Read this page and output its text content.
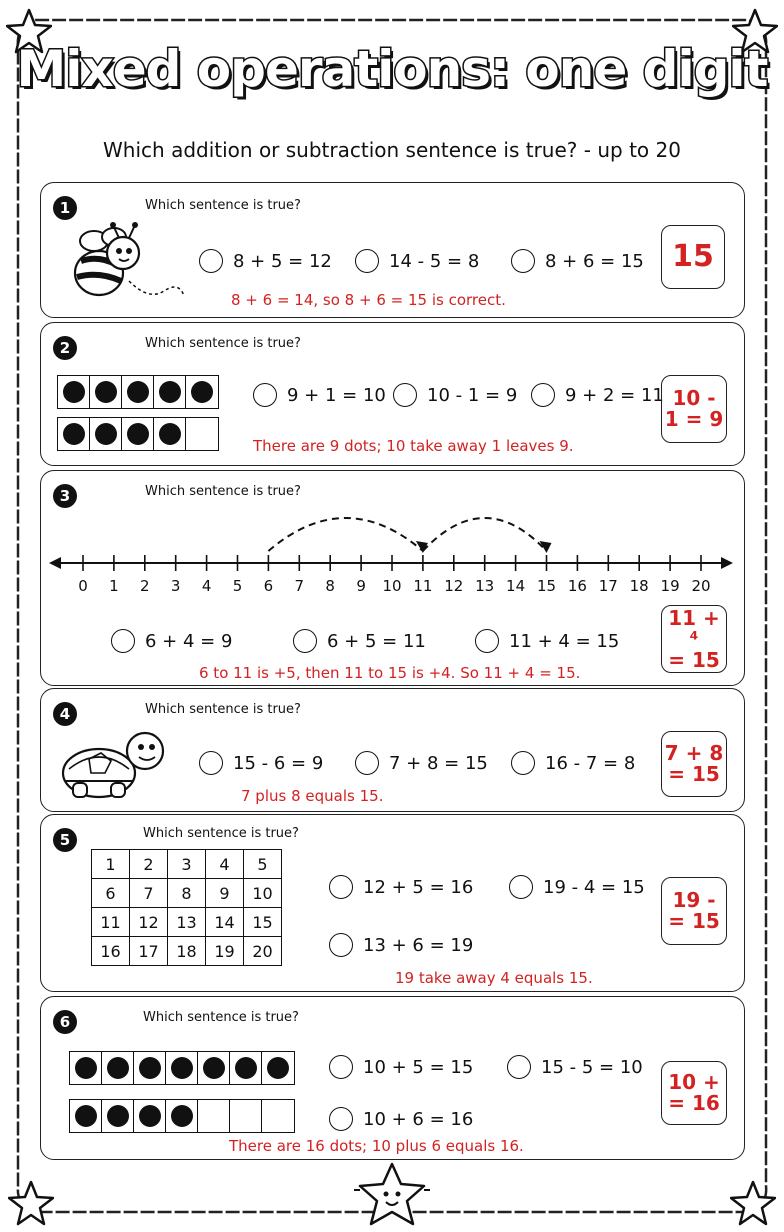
Mixed operations: one digit
Which addition or subtraction sentence is true? - up to 20
1	Which sentence is true?
8 + 5 = 12	14 - 5 = 8	8 + 6 = 15
8 + 6 = 14, so 8 + 6 = 15 is correct.
15
2	Which sentence is true?
9 + 1 = 10 10 - 1 = 9	9 + 2 = 11
There are 9 dots; 10 take away 1 leaves 9.
10 -
1 = 9
3	Which sentence is true?
0 1 2 3 4 5 6 7 8 9 10 11 12 13 14 15 16 17 18 19 20
6 + 4 = 9	6 + 5 = 11	11 + 4 = 15
6 to 11 is +5, then 11 to 15 is +4. So 11 + 4 = 15.
11 + ⁴
= 15
4	Which sentence is true?
15 - 6 = 9	7 + 8 = 15	16 - 7 = 8
7 plus 8 equals 15.
7 + 8
= 15
5	Which sentence is true?
1	2	3	4	5
6	7	8	9	10
11	12	13	14	15
16	17	18	19	20
12 + 5 = 16	19 - 4 = 15
13 + 6 = 19
19 take away 4 equals 15.
19 -
= 15
6	Which sentence is true?
10 + 5 = 15	15 - 5 = 10
10 + 6 = 16
There are 16 dots; 10 plus 6 equals 16.
10 +
= 16
